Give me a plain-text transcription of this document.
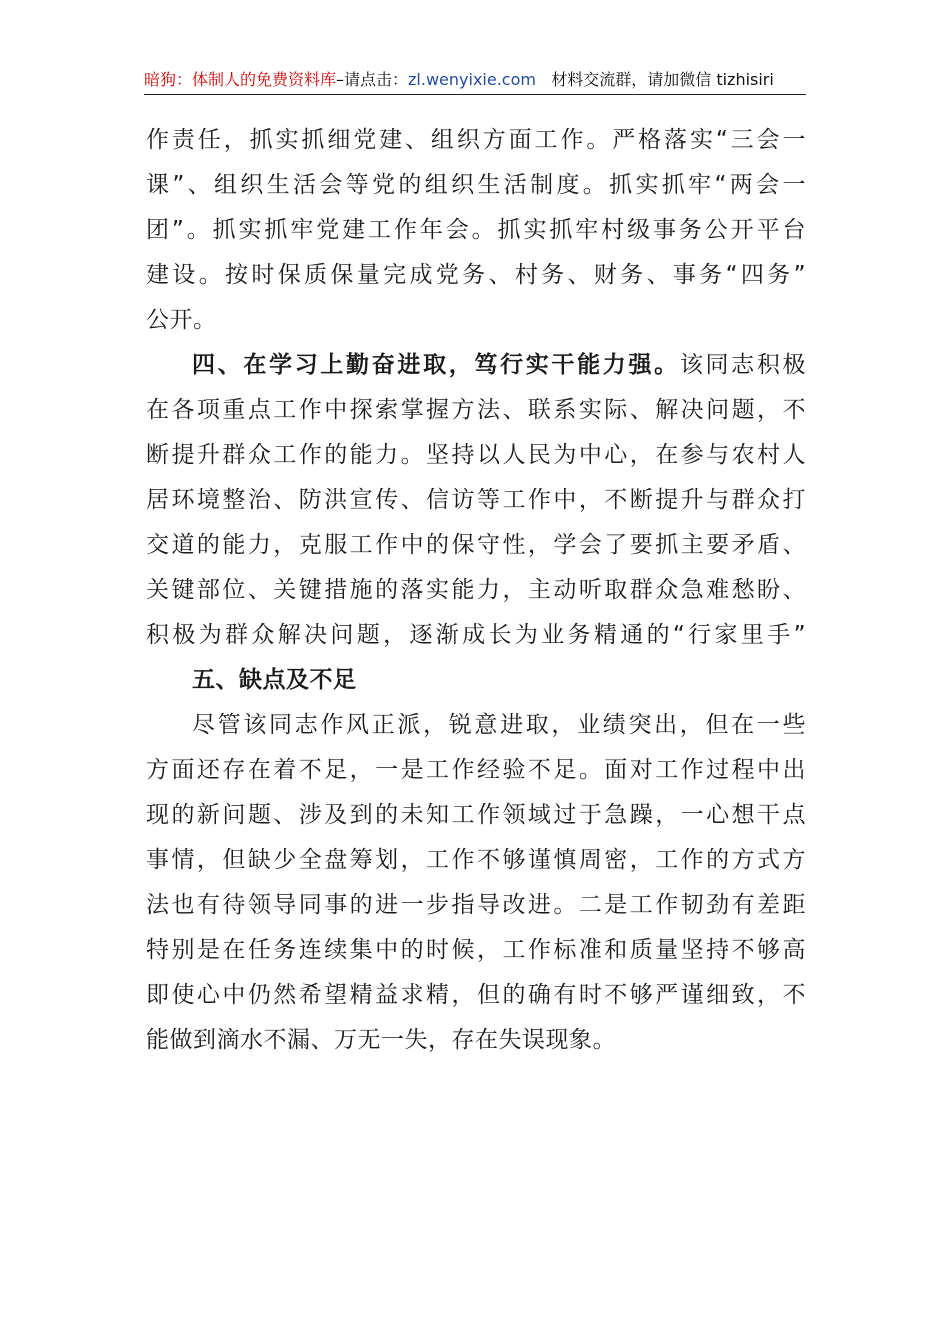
暗狗：体制人的免费资料库–请点击：zl.wenyixie.com 材料交流群，请加微信 tizhisiri

作责任，抓实抓细党建、组织方面工作。严格落实“三会一

课”、组织生活会等党的组织生活制度。抓实抓牢“两会一

团”。抓实抓牢党建工作年会。抓实抓牢村级事务公开平台

建设。按时保质保量完成党务、村务、财务、事务“四务”

公开。

四、在学习上勤奋进取，笃行实干能力强。该同志积极

在各项重点工作中探索掌握方法、联系实际、解决问题，不

断提升群众工作的能力。坚持以人民为中心，在参与农村人

居环境整治、防洪宣传、信访等工作中，不断提升与群众打

交道的能力，克服工作中的保守性，学会了要抓主要矛盾、

关键部位、关键措施的落实能力，主动听取群众急难愁盼、

积极为群众解决问题，逐渐成长为业务精通的“行家里手”

五、缺点及不足

尽管该同志作风正派，锐意进取，业绩突出，但在一些

方面还存在着不足，一是工作经验不足。面对工作过程中出

现的新问题、涉及到的未知工作领域过于急躁，一心想干点

事情，但缺少全盘筹划，工作不够谨慎周密，工作的方式方

法也有待领导同事的进一步指导改进。二是工作韧劲有差距

特别是在任务连续集中的时候，工作标准和质量坚持不够高

即使心中仍然希望精益求精，但的确有时不够严谨细致，不

能做到滴水不漏、万无一失，存在失误现象。
